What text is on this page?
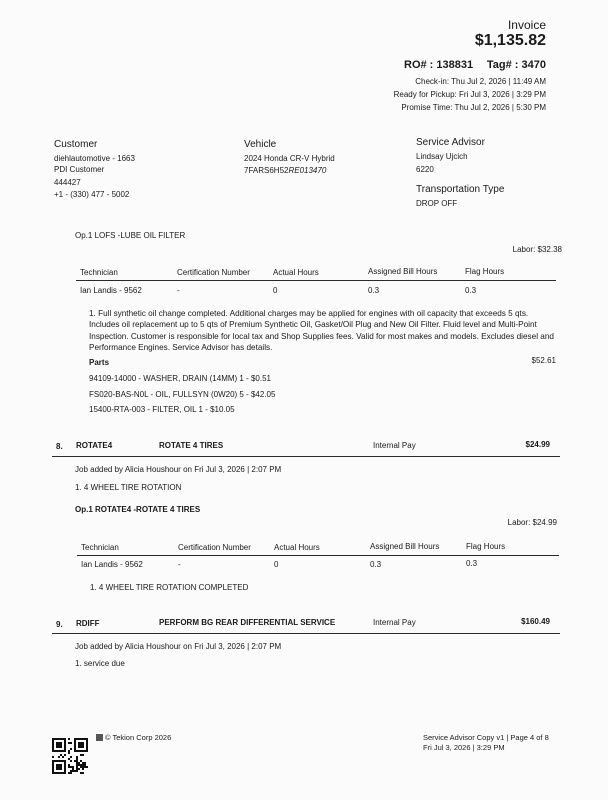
Invoice
$1,135.82
RO# : 138831 Tag# : 3470
Check-in: Thu Jul 2, 2026 | 11:49 AM
Ready for Pickup: Fri Jul 3, 2026 | 3:29 PM
Promise Time: Thu Jul 2, 2026 | 5:30 PM
Customer
diehlautomotive - 1663
PDI Customer
444427
+1 - (330) 477 - 5002
Vehicle
2024 Honda CR-V Hybrid
7FARS6H52RE013470
Service Advisor
Lindsay Ujcich
6220
Transportation Type
DROP OFF
Op.1 LOFS -LUBE OIL FILTER
Labor: $32.38
Technician	Certification Number	Actual Hours	Assigned Bill Hours	Flag Hours
Ian Landis - 9562	-	0	0.3	0.3
1. Full synthetic oil change completed. Additional charges may be applied for engines with oil capacity that exceeds 5 qts. Includes oil replacement up to 5 qts of Premium Synthetic Oil, Gasket/Oil Plug and New Oil Filter. Fluid level and Multi-Point Inspection. Customer is responsible for local tax and Shop Supplies fees. Valid for most makes and models. Excludes diesel and Performance Engines. Service Advisor has details.
Parts	$52.61
94109-14000 - WASHER, DRAIN (14MM) 1 - $0.51
FS020-BAS-N0L - OIL, FULLSYN (0W20) 5 - $42.05
15400-RTA-003 - FILTER, OIL 1 - $10.05
8. ROTATE4	ROTATE 4 TIRES	Internal Pay	$24.99
Job added by Alicia Houshour on Fri Jul 3, 2026 | 2:07 PM
1. 4 WHEEL TIRE ROTATION
Op.1 ROTATE4 -ROTATE 4 TIRES
Labor: $24.99
Technician	Certification Number	Actual Hours	Assigned Bill Hours	Flag Hours
Ian Landis - 9562	-	0	0.3	0.3
1. 4 WHEEL TIRE ROTATION COMPLETED
9. RDIFF	PERFORM BG REAR DIFFERENTIAL SERVICE	Internal Pay	$160.49
Job added by Alicia Houshour on Fri Jul 3, 2026 | 2:07 PM
1. service due
© Tekion Corp 2026	Service Advisor Copy v1 | Page 4 of 8
Fri Jul 3, 2026 | 3:29 PM
